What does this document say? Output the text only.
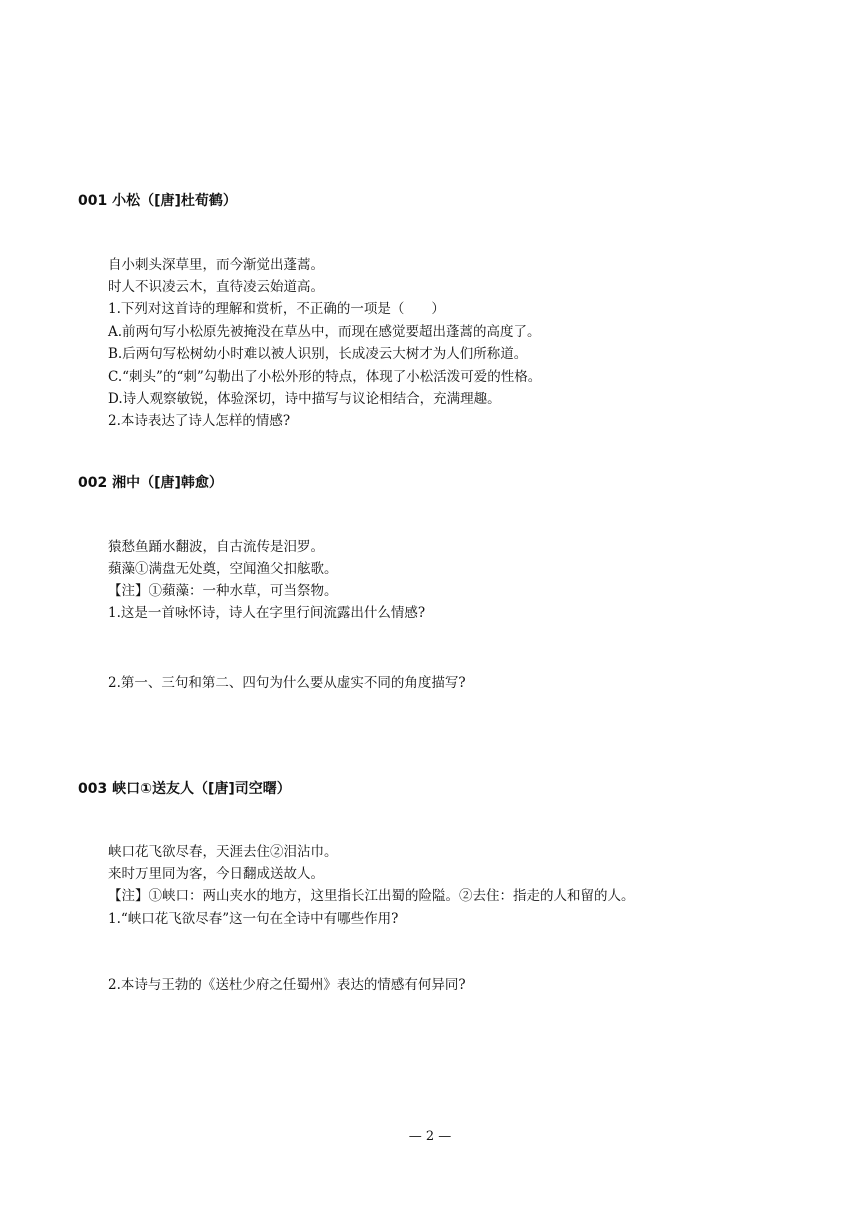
001 小松（[唐]杜荀鹤）
自小刺头深草里，而今渐觉出蓬蒿。
时人不识凌云木，直待凌云始道高。
1.下列对这首诗的理解和赏析，不正确的一项是（　　）
A.前两句写小松原先被掩没在草丛中，而现在感觉要超出蓬蒿的高度了。
B.后两句写松树幼小时难以被人识别，长成凌云大树才为人们所称道。
C.“刺头”的“刺”勾勒出了小松外形的特点，体现了小松活泼可爱的性格。
D.诗人观察敏锐，体验深切，诗中描写与议论相结合，充满理趣。
2.本诗表达了诗人怎样的情感?
002 湘中（[唐]韩愈）
猿愁鱼踊水翻波，自古流传是汨罗。
蘋藻①满盘无处奠，空闻渔父扣舷歌。
【注】①蘋藻：一种水草，可当祭物。
1.这是一首咏怀诗，诗人在字里行间流露出什么情感?
2.第一、三句和第二、四句为什么要从虚实不同的角度描写?
003 峡口①送友人（[唐]司空曙）
峡口花飞欲尽春，天涯去住②泪沾巾。
来时万里同为客，今日翻成送故人。
【注】①峡口：两山夹水的地方，这里指长江出蜀的险隘。②去住：指走的人和留的人。
1.“峡口花飞欲尽春”这一句在全诗中有哪些作用?
2.本诗与王勃的《送杜少府之任蜀州》表达的情感有何异同?
— 2 —
